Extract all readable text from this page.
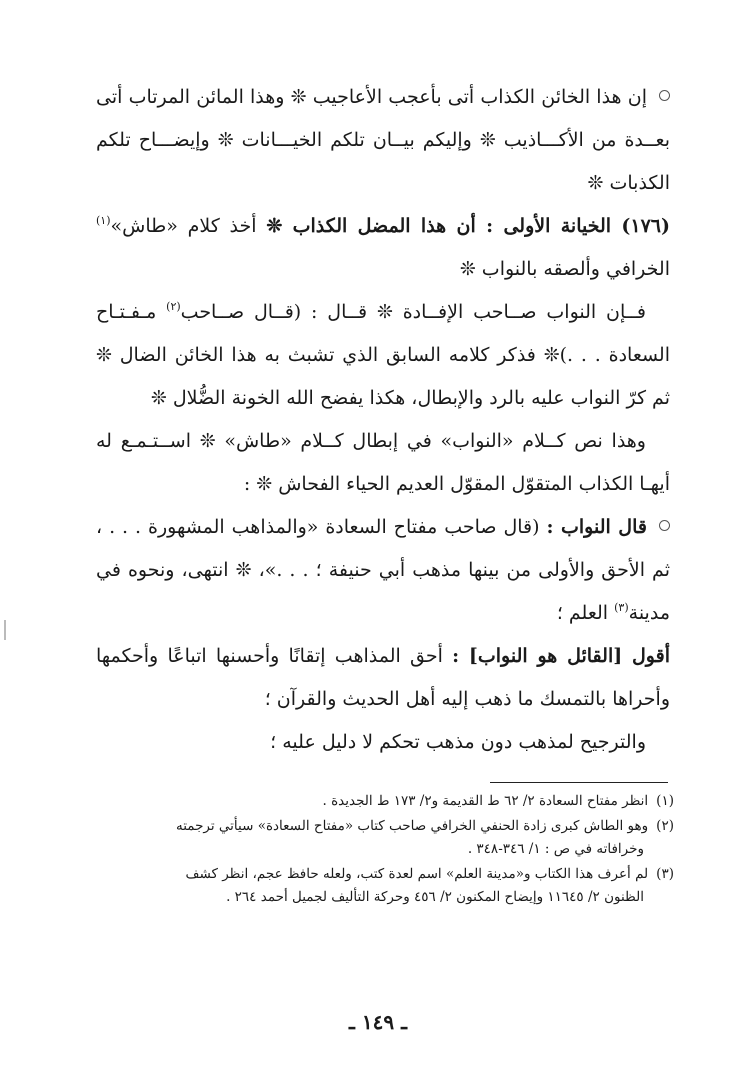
إن هذا الخائن الكذاب أتى بأعجب الأعاجيب ❊ وهذا المائن المرتاب أتى بعــدة من الأكـــاذيب ❊ وإليكم بيــان تلكم الخيـــانات ❊ وإيضـــاح تلكم الكذبات ❊

(١٧٦) الخيانة الأولى : أن هذا المضل الكذاب ❊ أخذ كلام «طاش»$^{(١)}$ الخرافي وألصقه بالنواب ❊

فــإن النواب صــاحب الإفــادة ❊ قــال : (قــال صــاحب$^{(٢)}$ مـفـتـاح السعادة . . .)❊ فذكر كلامه السابق الذي تشبث به هذا الخائن الضال ❊ ثم كرّ النواب عليه بالرد والإبطال، هكذا يفضح الله الخونة الضُّلال ❊

وهذا نص كــلام «النواب» في إبطال كــلام «طاش» ❊ اســتـمـع له أيهـا الكذاب المتقوّل المقوّل العديم الحياء الفحاش ❊ :

قال النواب : (قال صاحب مفتاح السعادة «والمذاهب المشهورة . . . ، ثم الأحق والأولى من بينها مذهب أبي حنيفة ؛ . . .»، ❊ انتهى، ونحوه في مدينة$^{(٣)}$ العلم ؛

أقول [القائل هو النواب] : أحق المذاهب إتقانًا وأحسنها اتباعًا وأحكمها وأحراها بالتمسك ما ذهب إليه أهل الحديث والقرآن ؛

والترجيح لمذهب دون مذهب تحكم لا دليل عليه ؛

(١)انظر مفتاح السعادة ٢/ ٦٢ ط القديمة و٢/ ١٧٣ ط الجديدة .

(٢)وهو الطاش كبرى زادة الحنفي الخرافي صاحب كتاب «مفتاح السعادة» سيأتي ترجمته
وخرافاته في ص : ١/ ٣٤٦-٣٤٨ .

(٣)لم أعرف هذا الكتاب و«مدينة العلم» اسم لعدة كتب، ولعله حافظ عجم، انظر كشف
الظنون ٢/ ١١٦٤٥ وإيضاح المكنون ٢/ ٤٥٦ وحركة التأليف لجميل أحمد ٢٦٤ .

ـ ١٤٩ ـ
